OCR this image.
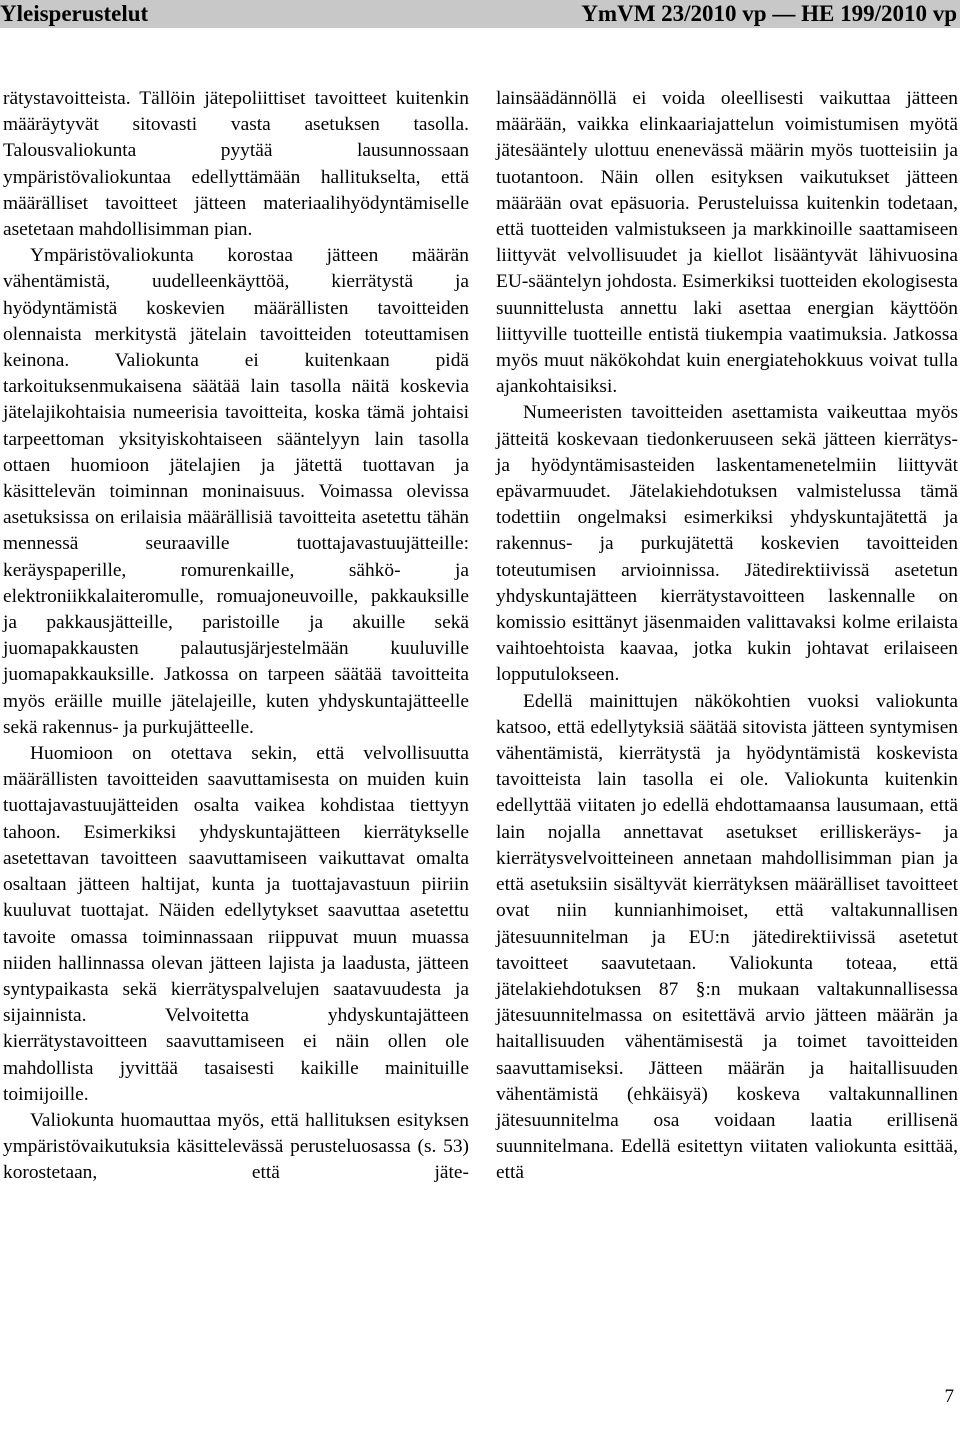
Yleisperustelut	YmVM 23/2010 vp — HE 199/2010 vp

rätystavoitteista. Tällöin jätepoliittiset tavoitteet kuitenkin määräytyvät sitovasti vasta asetuksen tasolla. Talousvaliokunta pyytää lausunnossaan ympäristövaliokuntaa edellyttämään hallitukselta, että määrälliset tavoitteet jätteen materiaalihyödyntämiselle asetetaan mahdollisimman pian.

Ympäristövaliokunta korostaa jätteen määrän vähentämistä, uudelleenkäyttöä, kierrätystä ja hyödyntämistä koskevien määrällisten tavoitteiden olennaista merkitystä jätelain tavoitteiden toteuttamisen keinona. Valiokunta ei kuitenkaan pidä tarkoituksenmukaisena säätää lain tasolla näitä koskevia jätelajikohtaisia numeerisia tavoitteita, koska tämä johtaisi tarpeettoman yksityiskohtaiseen sääntelyyn lain tasolla ottaen huomioon jätelajien ja jätettä tuottavan ja käsittelevän toiminnan moninaisuus. Voimassa olevissa asetuksissa on erilaisia määrällisiä tavoitteita asetettu tähän mennessä seuraaville tuottajavastuujätteille: keräyspaperille, romurenkaille, sähkö- ja elektroniikkalaiteromulle, romuajoneuvoille, pakkauksille ja pakkausjätteille, paristoille ja akuille sekä juomapakkausten palautusjärjestelmään kuuluville juomapakkauksille. Jatkossa on tarpeen säätää tavoitteita myös eräille muille jätelajeille, kuten yhdyskuntajätteelle sekä rakennus- ja purkujätteelle.

Huomioon on otettava sekin, että velvollisuutta määrällisten tavoitteiden saavuttamisesta on muiden kuin tuottajavastuujätteiden osalta vaikea kohdistaa tiettyyn tahoon. Esimerkiksi yhdyskuntajätteen kierrätykselle asetettavan tavoitteen saavuttamiseen vaikuttavat omalta osaltaan jätteen haltijat, kunta ja tuottajavastuun piiriin kuuluvat tuottajat. Näiden edellytykset saavuttaa asetettu tavoite omassa toiminnassaan riippuvat muun muassa niiden hallinnassa olevan jätteen lajista ja laadusta, jätteen syntypaikasta sekä kierrätyspalvelujen saatavuudesta ja sijainnista. Velvoitetta yhdyskuntajätteen kierrätystavoitteen saavuttamiseen ei näin ollen ole mahdollista jyvittää tasaisesti kaikille mainituille toimijoille.

Valiokunta huomauttaa myös, että hallituksen esityksen ympäristövaikutuksia käsittelevässä perusteluosassa (s. 53) korostetaan, että jäte-

lainsäädännöllä ei voida oleellisesti vaikuttaa jätteen määrään, vaikka elinkaariajattelun voimistumisen myötä jätesääntely ulottuu enenevässä määrin myös tuotteisiin ja tuotantoon. Näin ollen esityksen vaikutukset jätteen määrään ovat epäsuoria. Perusteluissa kuitenkin todetaan, että tuotteiden valmistukseen ja markkinoille saattamiseen liittyvät velvollisuudet ja kiellot lisääntyvät lähivuosina EU-sääntelyn johdosta. Esimerkiksi tuotteiden ekologisesta suunnittelusta annettu laki asettaa energian käyttöön liittyville tuotteille entistä tiukempia vaatimuksia. Jatkossa myös muut näkökohdat kuin energiatehokkuus voivat tulla ajankohtaisiksi.

Numeeristen tavoitteiden asettamista vaikeuttaa myös jätteitä koskevaan tiedonkeruuseen sekä jätteen kierrätys- ja hyödyntämisasteiden laskentamenetelmiin liittyvät epävarmuudet. Jätelakiehdotuksen valmistelussa tämä todettiin ongelmaksi esimerkiksi yhdyskuntajätettä ja rakennus- ja purkujätettä koskevien tavoitteiden toteutumisen arvioinnissa. Jätedirektiivissä asetetun yhdyskuntajätteen kierrätystavoitteen laskennalle on komissio esittänyt jäsenmaiden valittavaksi kolme erilaista vaihtoehtoista kaavaa, jotka kukin johtavat erilaiseen lopputulokseen.

Edellä mainittujen näkökohtien vuoksi valiokunta katsoo, että edellytyksiä säätää sitovista jätteen syntymisen vähentämistä, kierrätystä ja hyödyntämistä koskevista tavoitteista lain tasolla ei ole. Valiokunta kuitenkin edellyttää viitaten jo edellä ehdottamaansa lausumaan, että lain nojalla annettavat asetukset erilliskeräys- ja kierrätysvelvoitteineen annetaan mahdollisimman pian ja että asetuksiin sisältyvät kierrätyksen määrälliset tavoitteet ovat niin kunnianhimoiset, että valtakunnallisen jätesuunnitelman ja EU:n jätedirektiivissä asetetut tavoitteet saavutetaan. Valiokunta toteaa, että jätelakiehdotuksen 87 §:n mukaan valtakunnallisessa jätesuunnitelmassa on esitettävä arvio jätteen määrän ja haitallisuuden vähentämisestä ja toimet tavoitteiden saavuttamiseksi. Jätteen määrän ja haitallisuuden vähentämistä (ehkäisyä) koskeva valtakunnallinen jätesuunnitelma osa voidaan laatia erillisenä suunnitelmana. Edellä esitettyn viitaten valiokunta esittää, että

7
